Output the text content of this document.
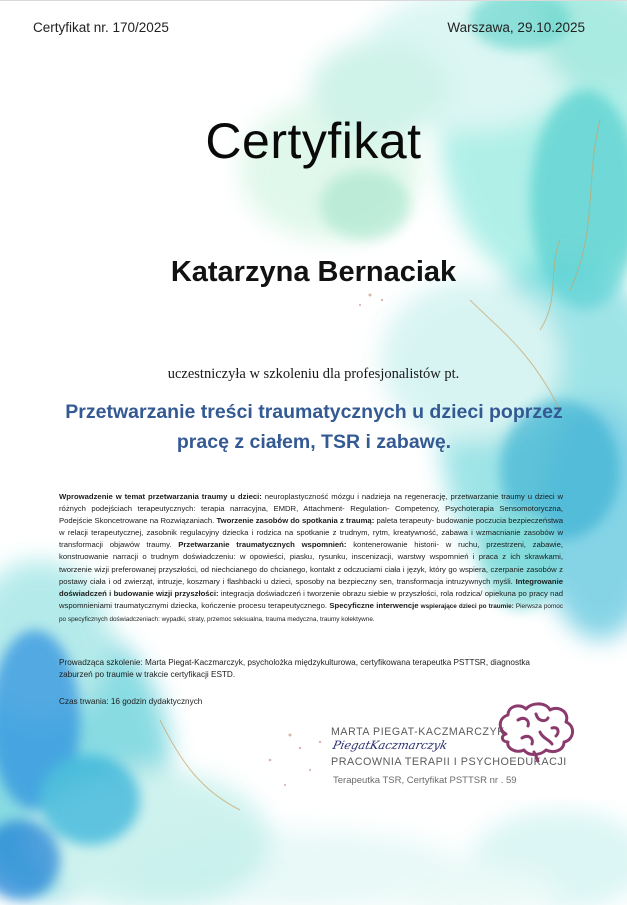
Certyfikat nr. 170/2025	Warszawa, 29.10.2025
Certyfikat
Katarzyna Bernaciak
uczestniczyła w szkoleniu dla profesjonalistów pt.
Przetwarzanie treści traumatycznych u dzieci poprzez pracę z ciałem, TSR i zabawę.
Wprowadzenie w temat przetwarzania traumy u dzieci: neuroplastyczność mózgu i nadzieja na regenerację, przetwarzanie traumy u dzieci w różnych podejściach terapeutycznych: terapia narracyjna, EMDR, Attachment- Regulation- Competency, Psychoterapia Sensomotoryczna, Podejście Skoncetrowane na Rozwiązaniach. Tworzenie zasobów do spotkania z traumą: paleta terapeuty- budowanie poczucia bezpieczeństwa w relacji terapeutycznej, zasobnik regulacyjny dziecka i rodzica na spotkanie z trudnym, rytm, kreatywność, zabawa i wzmacnianie zasobów w transformacji objawów traumy. Przetwarzanie traumatycznych wspomnień: kontenerowanie historii- w ruchu, przestrzeni, zabawie, konstruowanie narracji o trudnym doświadczeniu: w opowieści, piasku, rysunku, inscenizacji, warstwy wspomnień i praca z ich skrawkami, tworzenie wizji preferowanej przyszłości, od niechcianego do chcianego, kontakt z odczuciami ciała i język, który go wspiera, czerpanie zasobów z postawy ciała i od zwierząt, intruzje, koszmary i flashbacki u dzieci, sposoby na bezpieczny sen, transformacja intruzywnych myśli. Integrowanie doświadczeń i budowanie wizji przyszłości: integracja doświadczeń i tworzenie obrazu siebie w przyszłości, rola rodzica/ opiekuna po pracy nad wspomnieniami traumatycznymi dziecka, kończenie procesu terapeutycznego. Specyficzne interwencje wspierające dzieci po traumie: Pierwsza pomoc po specyficznych doświadczeniach: wypadki, straty, przemoc seksualna, trauma medyczna, traumy kolektywne.
Prowadząca szkolenie: Marta Piegat-Kaczmarczyk, psycholożka międzykulturowa, certyfikowana terapeutka PSTTSR, diagnostka zaburzeń po traumie w trakcie certyfikacji ESTD.
Czas trwania: 16 godzin dydaktycznych
MARTA PIEGAT-KACZMARCZYK
PiegatKaczmarczyk
PRACOWNIA TERAPII I PSYCHOEDUKACJI
Terapeutka TSR, Certyfikat PSTTSR nr . 59
